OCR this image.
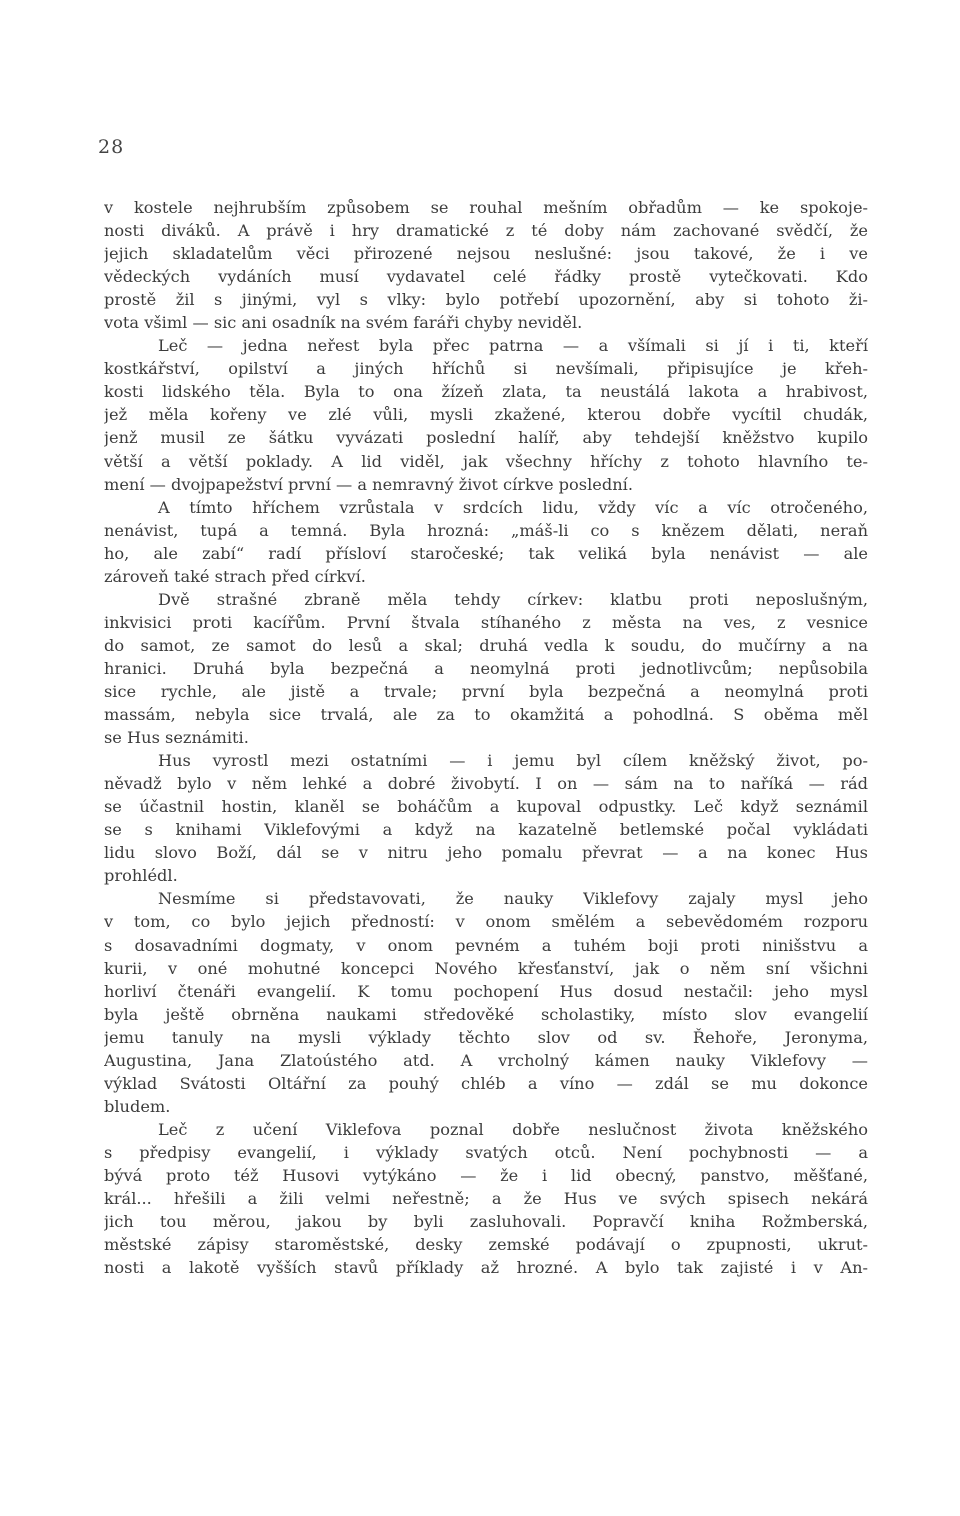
28
v kostele nejhrubším způsobem se rouhal mešním obřadům — ke spokoje-
nosti diváků. A právě i hry dramatické z té doby nám zachované svědčí, že
jejich skladatelům věci přirozené nejsou neslušné: jsou takové, že i ve
vědeckých vydáních musí vydavatel celé řádky prostě vytečkovati. Kdo
prostě žil s jinými, vyl s vlky: bylo potřebí upozornění, aby si tohoto ži-
vota všiml — sic ani osadník na svém faráři chyby neviděl.
Leč — jedna neřest byla přec patrna — a všímali si jí i ti, kteří
kostkářství, opilství a jiných hříchů si nevšímali, připisujíce je křeh-
kosti lidského těla. Byla to ona žízeň zlata, ta neustálá lakota a hrabivost,
jež měla kořeny ve zlé vůli, mysli zkažené, kterou dobře vycítil chudák,
jenž musil ze šátku vyvázati poslední halíř, aby tehdejší kněžstvo kupilo
větší a větší poklady. A lid viděl, jak všechny hříchy z tohoto hlavního te-
mení — dvojpapežství první — a nemravný život církve poslední.
A tímto hříchem vzrůstala v srdcích lidu, vždy víc a víc otročeného,
nenávist, tupá a temná. Byla hrozná: „máš-li co s knězem dělati, neraň
ho, ale zabí“ radí přísloví staročeské; tak veliká byla nenávist — ale
zároveň také strach před církví.
Dvě strašné zbraně měla tehdy církev: klatbu proti neposlušným,
inkvisici proti kacířům. První štvala stíhaného z města na ves, z vesnice
do samot, ze samot do lesů a skal; druhá vedla k soudu, do mučírny a na
hranici. Druhá byla bezpečná a neomylná proti jednotlivcům; nepůsobila
sice rychle, ale jistě a trvale; první byla bezpečná a neomylná proti
massám, nebyla sice trvalá, ale za to okamžitá a pohodlná. S oběma měl
se Hus seznámiti.
Hus vyrostl mezi ostatními — i jemu byl cílem kněžský život, po-
něvadž bylo v něm lehké a dobré živobytí. I on — sám na to naříká — rád
se účastnil hostin, klaněl se boháčům a kupoval odpustky. Leč když seznámil
se s knihami Viklefovými a když na kazatelně betlemské počal vykládati
lidu slovo Boží, dál se v nitru jeho pomalu převrat — a na konec Hus
prohlédl.
Nesmíme si představovati, že nauky Viklefovy zajaly mysl jeho
v tom, co bylo jejich předností: v onom smělém a sebevědomém rozporu
s dosavadními dogmaty, v onom pevném a tuhém boji proti ninišstvu a
kurii, v oné mohutné koncepci Nového křesťanství, jak o něm sní všichni
horliví čtenáři evangelií. K tomu pochopení Hus dosud nestačil: jeho mysl
byla ještě obrněna naukami středověké scholastiky, místo slov evangelií
jemu tanuly na mysli výklady těchto slov od sv. Řehoře, Jeronyma,
Augustina, Jana Zlatoústého atd. A vrcholný kámen nauky Viklefovy —
výklad Svátosti Oltářní za pouhý chléb a víno — zdál se mu dokonce
bludem.
Leč z učení Viklefova poznal dobře neslučnost života kněžského
s předpisy evangelií, i výklady svatých otců. Není pochybnosti — a
bývá proto též Husovi vytýkáno — že i lid obecný, panstvo, měšťané,
král... hřešili a žili velmi neřestně; a že Hus ve svých spisech nekárá
jich tou měrou, jakou by byli zasluhovali. Popravčí kniha Rožmberská,
městské zápisy staroměstské, desky zemské podávají o zpupnosti, ukrut-
nosti a lakotě vyšších stavů příklady až hrozné. A bylo tak zajisté i v An-
